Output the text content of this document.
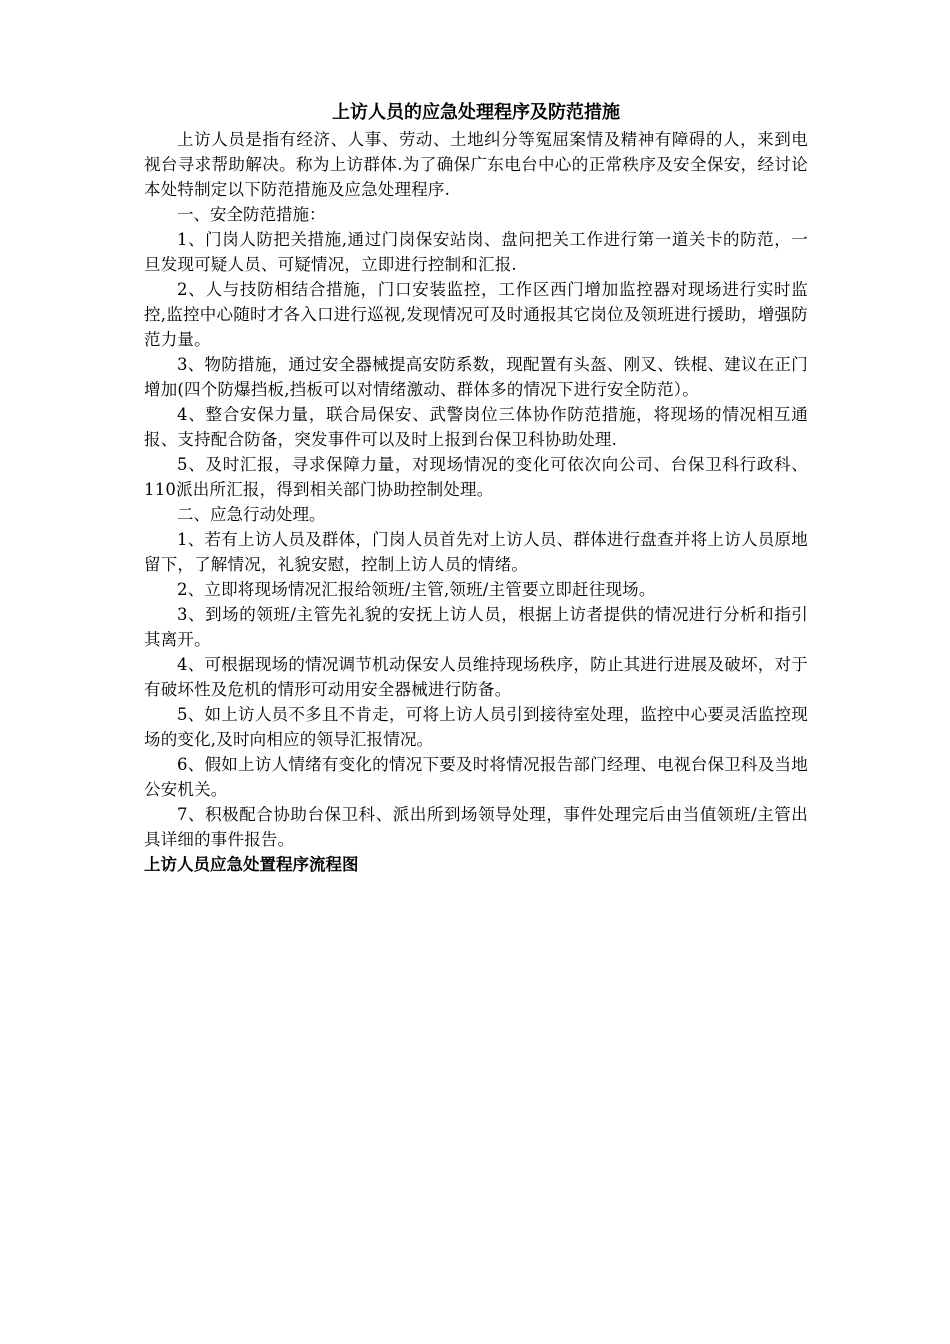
上访人员的应急处理程序及防范措施

上访人员是指有经济、人事、劳动、土地纠分等冤屈案情及精神有障碍的人，来到电视台寻求帮助解决。称为上访群体.为了确保广东电台中心的正常秩序及安全保安，经讨论本处特制定以下防范措施及应急处理程序.

一、安全防范措施：

1、门岗人防把关措施,通过门岗保安站岗、盘问把关工作进行第一道关卡的防范，一旦发现可疑人员、可疑情况，立即进行控制和汇报.

2、人与技防相结合措施，门口安装监控，工作区西门增加监控器对现场进行实时监控,监控中心随时才各入口进行巡视,发现情况可及时通报其它岗位及领班进行援助，增强防范力量。

3、物防措施，通过安全器械提高安防系数，现配置有头盔、刚叉、铁棍、建议在正门增加(四个防爆挡板,挡板可以对情绪激动、群体多的情况下进行安全防范）。

4、整合安保力量，联合局保安、武警岗位三体协作防范措施，将现场的情况相互通报、支持配合防备，突发事件可以及时上报到台保卫科协助处理.

5、及时汇报，寻求保障力量，对现场情况的变化可依次向公司、台保卫科行政科、110派出所汇报，得到相关部门协助控制处理。

二、应急行动处理。

1、若有上访人员及群体，门岗人员首先对上访人员、群体进行盘查并将上访人员原地留下，了解情况，礼貌安慰，控制上访人员的情绪。

2、立即将现场情况汇报给领班/主管,领班/主管要立即赶往现场。

3、到场的领班/主管先礼貌的安抚上访人员，根据上访者提供的情况进行分析和指引其离开。

4、可根据现场的情况调节机动保安人员维持现场秩序，防止其进行进展及破坏，对于有破坏性及危机的情形可动用安全器械进行防备。

5、如上访人员不多且不肯走，可将上访人员引到接待室处理，监控中心要灵活监控现场的变化,及时向相应的领导汇报情况。

6、假如上访人情绪有变化的情况下要及时将情况报告部门经理、电视台保卫科及当地公安机关。

7、积极配合协助台保卫科、派出所到场领导处理，事件处理完后由当值领班/主管出具详细的事件报告。

上访人员应急处置程序流程图
